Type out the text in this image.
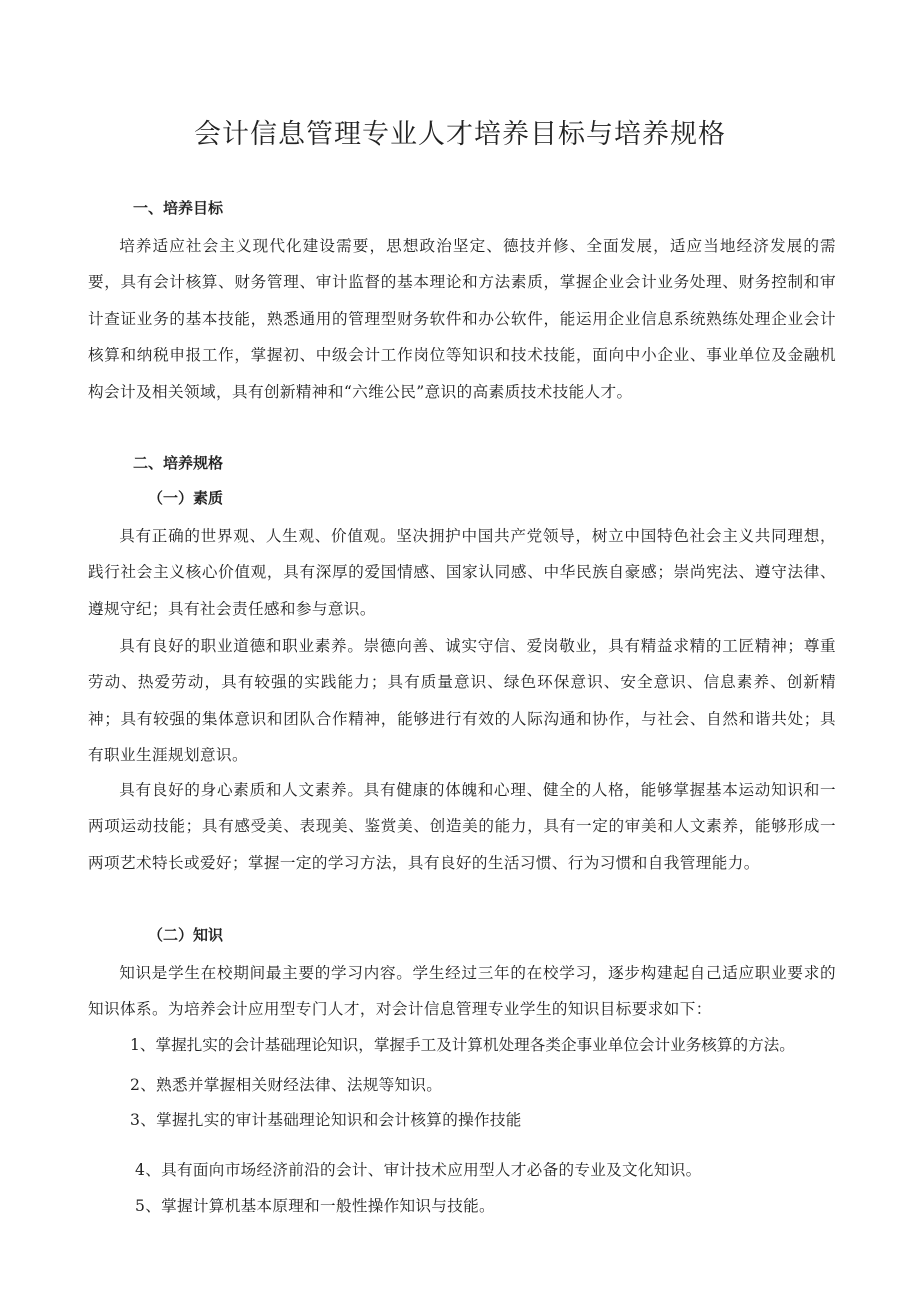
会计信息管理专业人才培养目标与培养规格
一、培养目标

培养适应社会主义现代化建设需要，思想政治坚定、德技并修、全面发展，适应当地经济发展的需要，具有会计核算、财务管理、审计监督的基本理论和方法素质，掌握企业会计业务处理、财务控制和审计查证业务的基本技能，熟悉通用的管理型财务软件和办公软件，能运用企业信息系统熟练处理企业会计核算和纳税申报工作，掌握初、中级会计工作岗位等知识和技术技能，面向中小企业、事业单位及金融机构会计及相关领域，具有创新精神和“六维公民”意识的高素质技术技能人才。

二、培养规格
（一）素质

具有正确的世界观、人生观、价值观。坚决拥护中国共产党领导，树立中国特色社会主义共同理想，践行社会主义核心价值观，具有深厚的爱国情感、国家认同感、中华民族自豪感；崇尚宪法、遵守法律、遵规守纪；具有社会责任感和参与意识。

具有良好的职业道德和职业素养。崇德向善、诚实守信、爱岗敬业，具有精益求精的工匠精神；尊重劳动、热爱劳动，具有较强的实践能力；具有质量意识、绿色环保意识、安全意识、信息素养、创新精神；具有较强的集体意识和团队合作精神，能够进行有效的人际沟通和协作，与社会、自然和谐共处；具有职业生涯规划意识。

具有良好的身心素质和人文素养。具有健康的体魄和心理、健全的人格，能够掌握基本运动知识和一两项运动技能；具有感受美、表现美、鉴赏美、创造美的能力，具有一定的审美和人文素养，能够形成一两项艺术特长或爱好；掌握一定的学习方法，具有良好的生活习惯、行为习惯和自我管理能力。

（二）知识

知识是学生在校期间最主要的学习内容。学生经过三年的在校学习，逐步构建起自己适应职业要求的知识体系。为培养会计应用型专门人才，对会计信息管理专业学生的知识目标要求如下：

1、掌握扎实的会计基础理论知识，掌握手工及计算机处理各类企事业单位会计业务核算的方法。

2、熟悉并掌握相关财经法律、法规等知识。

3、掌握扎实的审计基础理论知识和会计核算的操作技能

4、具有面向市场经济前沿的会计、审计技术应用型人才必备的专业及文化知识。

5、掌握计算机基本原理和一般性操作知识与技能。
